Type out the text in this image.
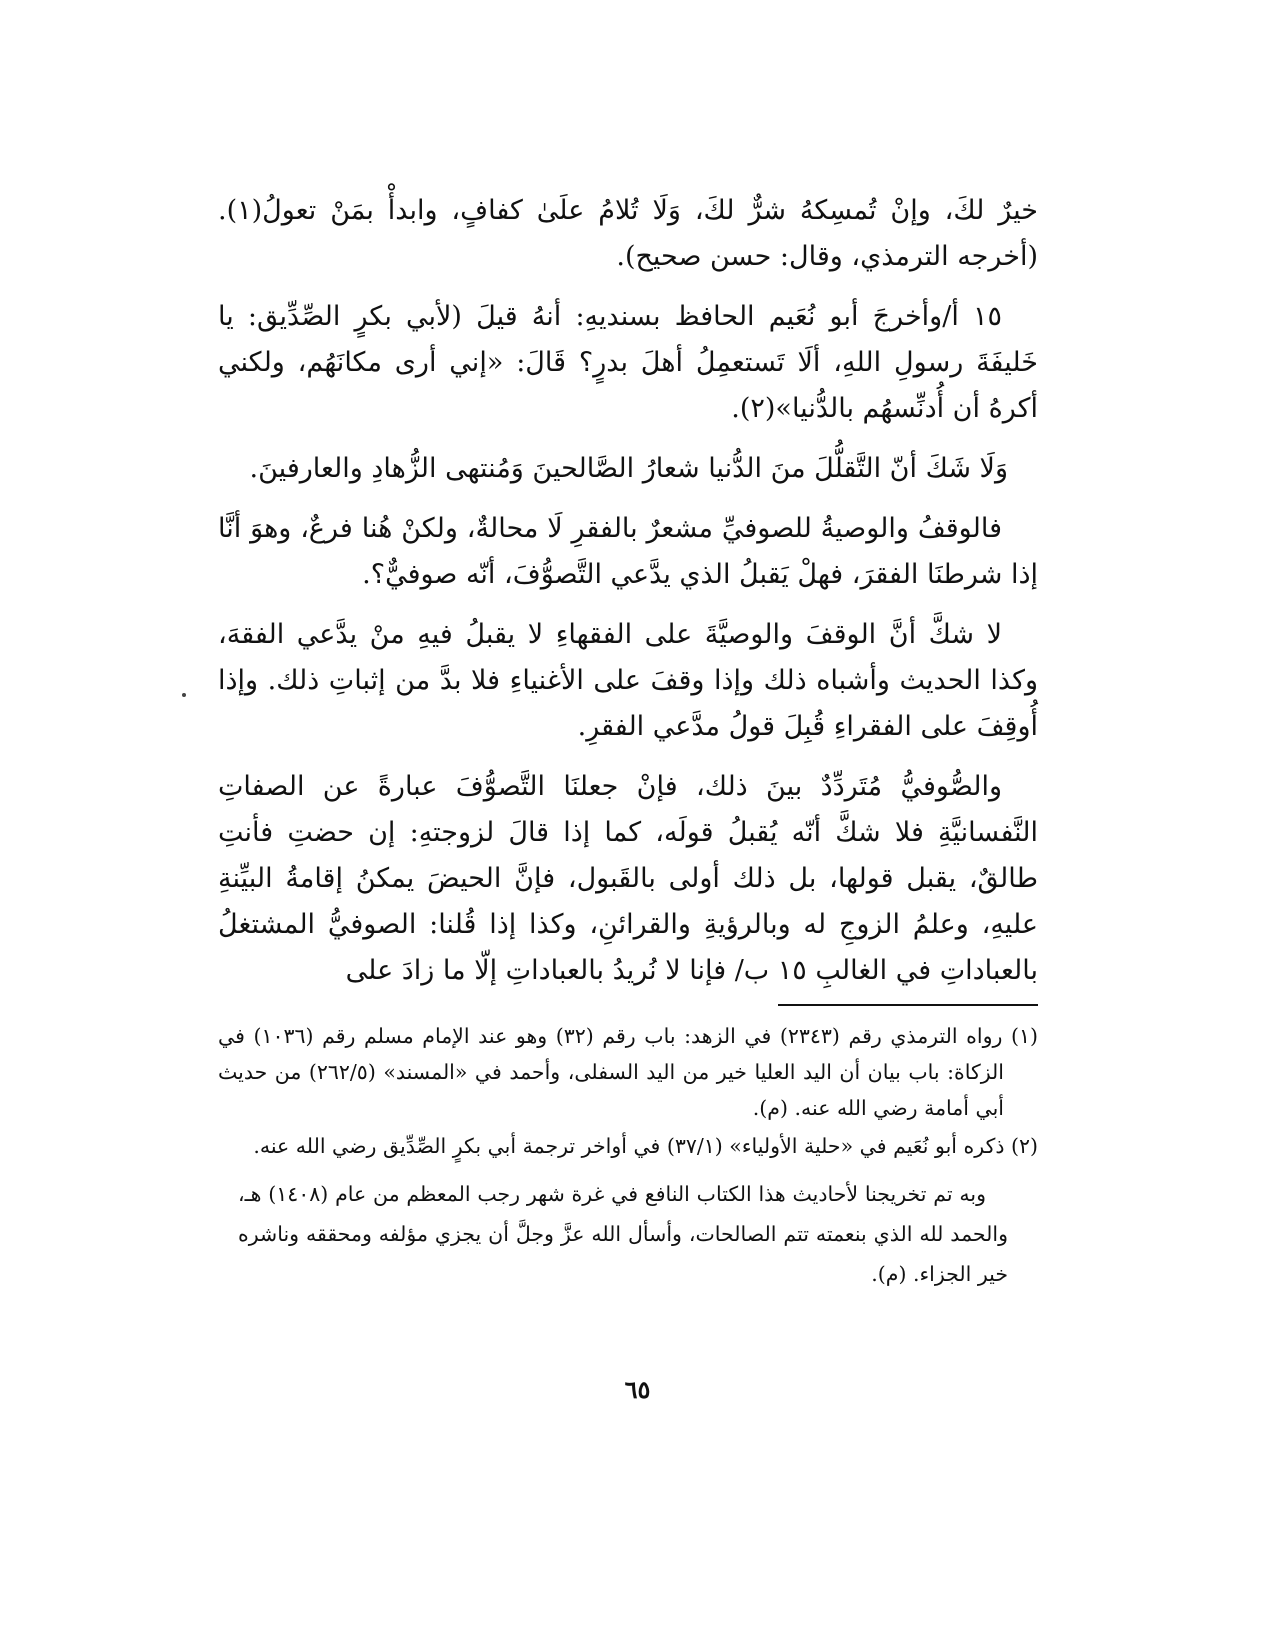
خيرٌ لكَ، وإنْ تُمسِكهُ شرٌّ لكَ، وَلَا تُلامُ علَىٰ كفافٍ، وابدأْ بمَنْ تعولُ(١). (أخرجه الترمذي، وقال: حسن صحيح).

١٥ أ/وأخرجَ أبو نُعَيم الحافظ بسنديهِ: أنهُ قيلَ (لأبي بكرٍ الصِّدِّيق: يا خَليفَةَ رسولِ اللهِ، ألَا تَستعمِلُ أهلَ بدرٍ؟ قَالَ: «إني أرى مكانَهُم، ولكني أكرهُ أن أُدنِّسهُم بالدُّنيا»(٢).

وَلَا شَكَ أنّ التَّقلُّلَ منَ الدُّنيا شعارُ الصَّالحينَ وَمُنتهى الزُّهادِ والعارفينَ.

فالوقفُ والوصيةُ للصوفيِّ مشعرٌ بالفقرِ لَا محالةٌ، ولكنْ هُنا فرعٌ، وهوَ أنَّا إذا شرطنَا الفقرَ، فهلْ يَقبلُ الذي يدَّعي التَّصوُّفَ، أنّه صوفيٌّ؟.

لا شكَّ أنَّ الوقفَ والوصيَّةَ على الفقهاءِ لا يقبلُ فيهِ منْ يدَّعي الفقهَ، وكذا الحديث وأشباه ذلك وإذا وقفَ على الأغنياءِ فلا بدَّ من إثباتِ ذلك. وإذا أُوقِفَ على الفقراءِ قُبِلَ قولُ مدَّعي الفقرِ.

والصُّوفيُّ مُتَردِّدٌ بينَ ذلك، فإنْ جعلنَا التَّصوُّفَ عبارةً عن الصفاتِ النَّفسانيَّةِ فلا شكَّ أنّه يُقبلُ قولَه، كما إذا قالَ لزوجتهِ: إن حضتِ فأنتِ طالقٌ، يقبل قولها، بل ذلك أولى بالقَبول، فإنَّ الحيضَ يمكنُ إقامةُ البيِّنةِ عليهِ، وعلمُ الزوجِ له وبالرؤيةِ والقرائنِ، وكذا إذا قُلنا: الصوفيُّ المشتغلُ بالعباداتِ في الغالبِ ١٥ ب/ فإنا لا نُريدُ بالعباداتِ إلّا ما زادَ على

(١) رواه الترمذي رقم (٢٣٤٣) في الزهد: باب رقم (٣٢) وهو عند الإمام مسلم رقم (١٠٣٦) في الزكاة: باب بيان أن اليد العليا خير من اليد السفلى، وأحمد في «المسند» (٢٦٢/٥) من حديث أبي أمامة رضي الله عنه. (م).

(٢) ذكره أبو نُعَيم في «حلية الأولياء» (٣٧/١) في أواخر ترجمة أبي بكرٍ الصِّدِّيق رضي الله عنه.

وبه تم تخريجنا لأحاديث هذا الكتاب النافع في غرة شهر رجب المعظم من عام (١٤٠٨) هـ، والحمد لله الذي بنعمته تتم الصالحات، وأسأل الله عزَّ وجلَّ أن يجزي مؤلفه ومحققه وناشره خير الجزاء. (م).

٦٥
